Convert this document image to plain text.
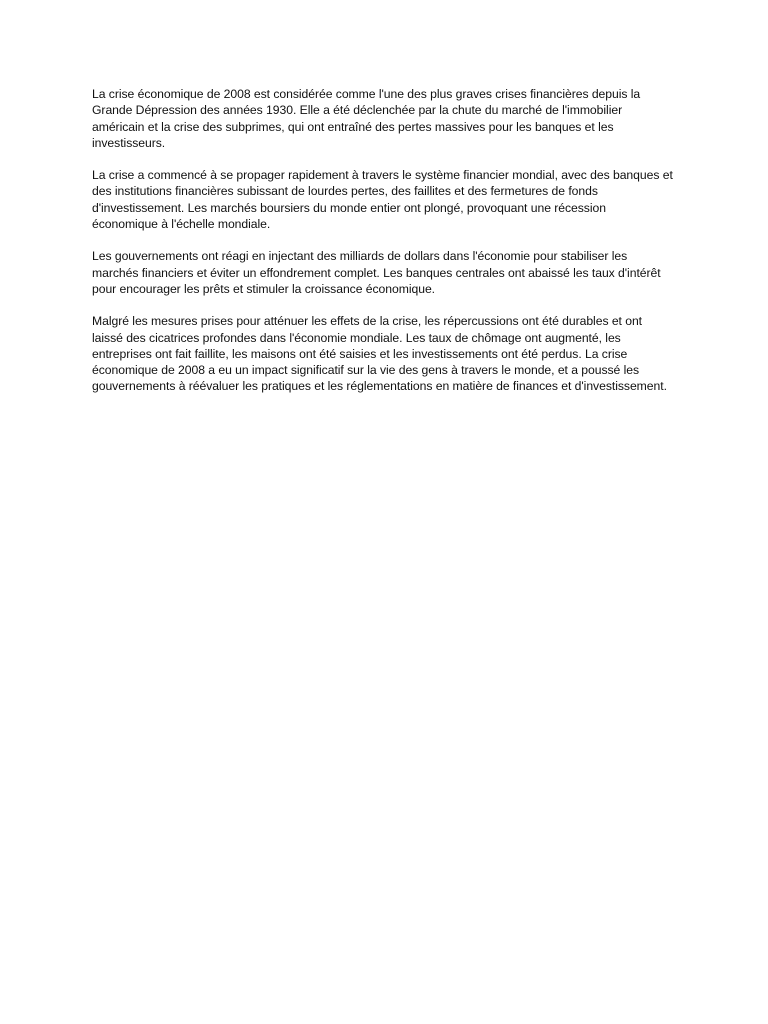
La crise économique de 2008 est considérée comme l'une des plus graves crises financières depuis la Grande Dépression des années 1930. Elle a été déclenchée par la chute du marché de l'immobilier américain et la crise des subprimes, qui ont entraîné des pertes massives pour les banques et les investisseurs.

La crise a commencé à se propager rapidement à travers le système financier mondial, avec des banques et des institutions financières subissant de lourdes pertes, des faillites et des fermetures de fonds d'investissement. Les marchés boursiers du monde entier ont plongé, provoquant une récession économique à l'échelle mondiale.

Les gouvernements ont réagi en injectant des milliards de dollars dans l'économie pour stabiliser les marchés financiers et éviter un effondrement complet. Les banques centrales ont abaissé les taux d'intérêt pour encourager les prêts et stimuler la croissance économique.

Malgré les mesures prises pour atténuer les effets de la crise, les répercussions ont été durables et ont laissé des cicatrices profondes dans l'économie mondiale. Les taux de chômage ont augmenté, les entreprises ont fait faillite, les maisons ont été saisies et les investissements ont été perdus. La crise économique de 2008 a eu un impact significatif sur la vie des gens à travers le monde, et a poussé les gouvernements à réévaluer les pratiques et les réglementations en matière de finances et d'investissement.
